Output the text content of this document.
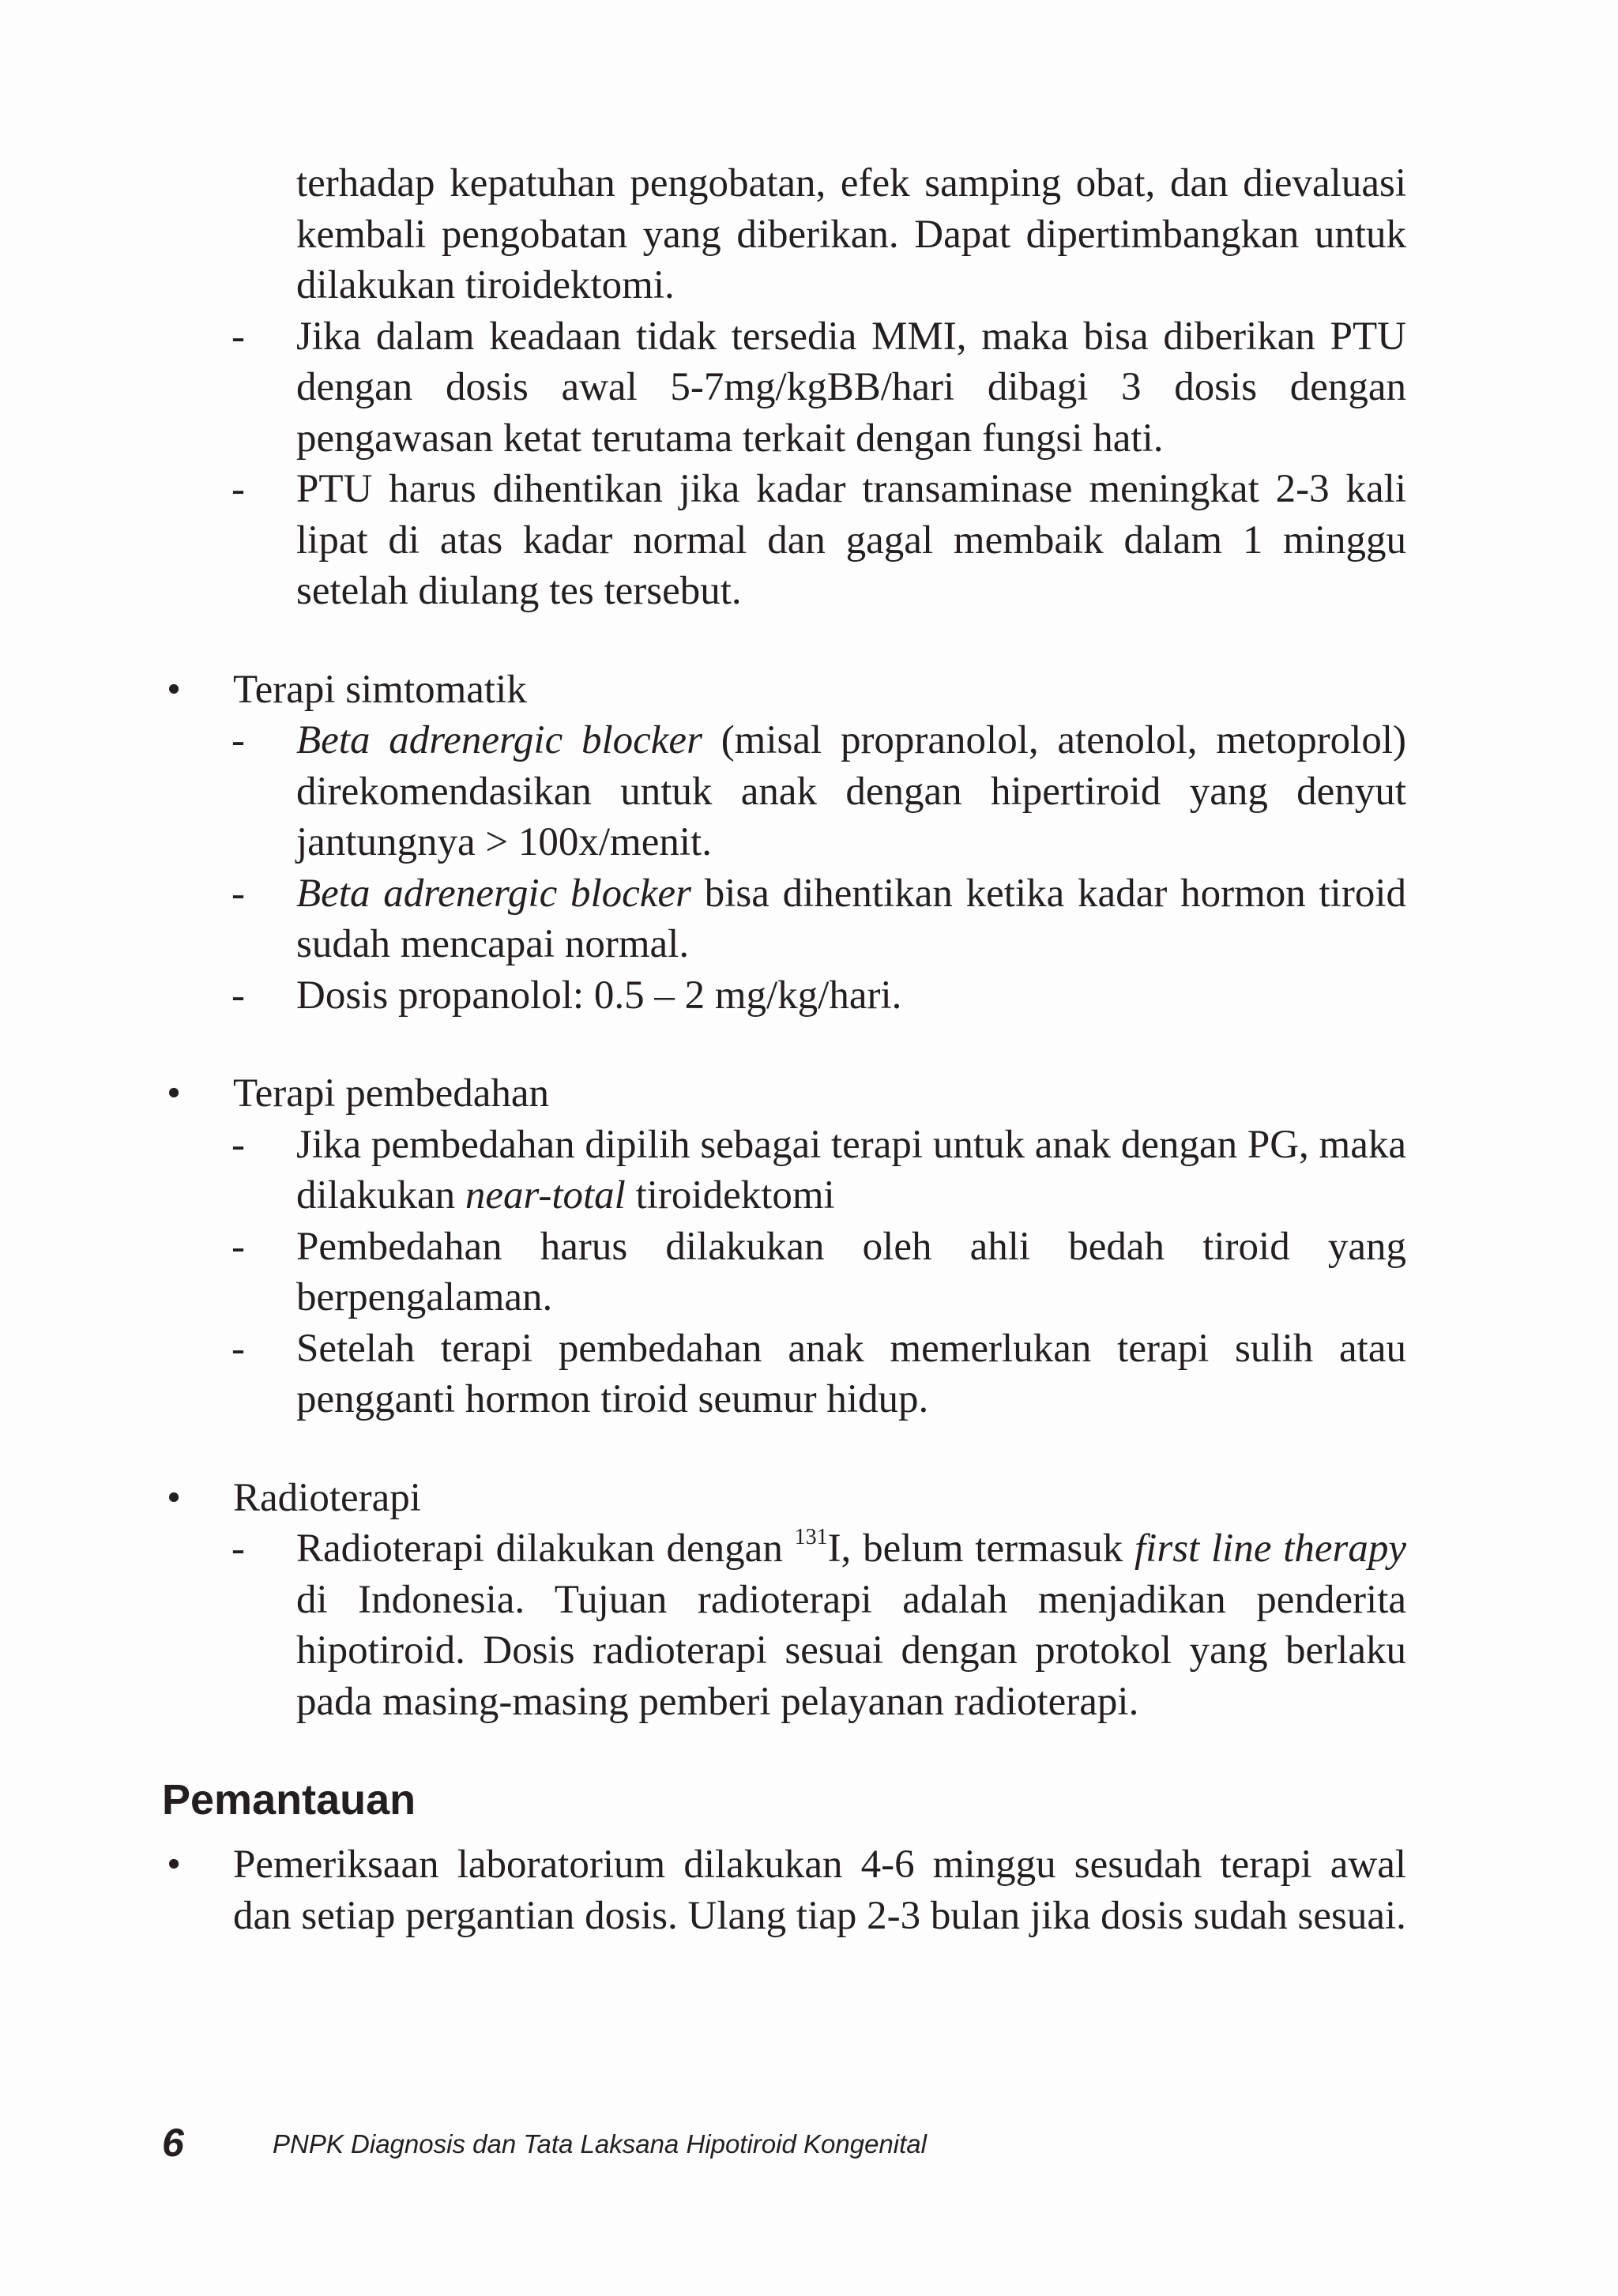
terhadap kepatuhan pengobatan, efek samping obat, dan dievaluasi kembali pengobatan yang diberikan. Dapat dipertimbangkan untuk dilakukan tiroidektomi.
- Jika dalam keadaan tidak tersedia MMI, maka bisa diberikan PTU dengan dosis awal 5-7mg/kgBB/hari dibagi 3 dosis dengan pengawasan ketat terutama terkait dengan fungsi hati.
- PTU harus dihentikan jika kadar transaminase meningkat 2-3 kali lipat di atas kadar normal dan gagal membaik dalam 1 minggu setelah diulang tes tersebut.
• Terapi simtomatik
- Beta adrenergic blocker (misal propranolol, atenolol, metoprolol) direkomendasikan untuk anak dengan hipertiroid yang denyut jantungnya > 100x/menit.
- Beta adrenergic blocker bisa dihentikan ketika kadar hormon tiroid sudah mencapai normal.
- Dosis propanolol: 0.5 – 2 mg/kg/hari.
• Terapi pembedahan
- Jika pembedahan dipilih sebagai terapi untuk anak dengan PG, maka dilakukan near-total tiroidektomi
- Pembedahan harus dilakukan oleh ahli bedah tiroid yang berpengalaman.
- Setelah terapi pembedahan anak memerlukan terapi sulih atau pengganti hormon tiroid seumur hidup.
• Radioterapi
- Radioterapi dilakukan dengan $^{131}$I, belum termasuk first line therapy di Indonesia. Tujuan radioterapi adalah menjadikan penderita hipotiroid. Dosis radioterapi sesuai dengan protokol yang berlaku pada masing-masing pemberi pelayanan radioterapi.
Pemantauan
• Pemeriksaan laboratorium dilakukan 4-6 minggu sesudah terapi awal dan setiap pergantian dosis. Ulang tiap 2-3 bulan jika dosis sudah sesuai.
6	PNPK Diagnosis dan Tata Laksana Hipotiroid Kongenital
